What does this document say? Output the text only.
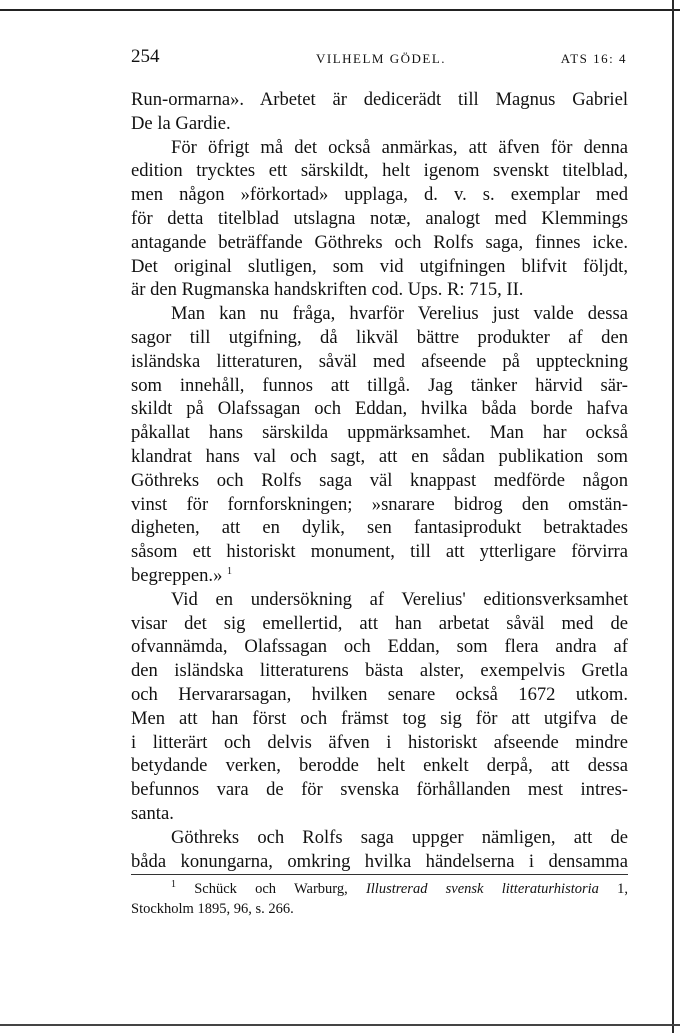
254	VILHELM GÖDEL.	ATS 16: 4
Run-ormarna». Arbetet är dedicerädt till Magnus Gabriel
De la Gardie.
För öfrigt må det också anmärkas, att äfven för denna
edition trycktes ett särskildt, helt igenom svenskt titelblad,
men någon »förkortad» upplaga, d. v. s. exemplar med
för detta titelblad utslagna notæ, analogt med Klemmings
antagande beträffande Göthreks och Rolfs saga, finnes icke.
Det original slutligen, som vid utgifningen blifvit följdt,
är den Rugmanska handskriften cod. Ups. R: 715, II.
Man kan nu fråga, hvarför Verelius just valde dessa
sagor till utgifning, då likväl bättre produkter af den
isländska litteraturen, såväl med afseende på uppteckning
som innehåll, funnos att tillgå. Jag tänker härvid sär-
skildt på Olafssagan och Eddan, hvilka båda borde hafva
påkallat hans särskilda uppmärksamhet. Man har också
klandrat hans val och sagt, att en sådan publikation som
Göthreks och Rolfs saga väl knappast medförde någon
vinst för fornforskningen; »snarare bidrog den omstän-
digheten, att en dylik, sen fantasiprodukt betraktades
såsom ett historiskt monument, till att ytterligare förvirra
begreppen.» $^1$
Vid en undersökning af Verelius' editionsverksamhet
visar det sig emellertid, att han arbetat såväl med de
ofvannämda, Olafssagan och Eddan, som flera andra af
den isländska litteraturens bästa alster, exempelvis Gretla
och Hervararsagan, hvilken senare också 1672 utkom.
Men att han först och främst tog sig för att utgifva de
i litterärt och delvis äfven i historiskt afseende mindre
betydande verken, berodde helt enkelt derpå, att dessa
befunnos vara de för svenska förhållanden mest intres-
santa.
Göthreks och Rolfs saga uppger nämligen, att de
båda konungarna, omkring hvilka händelserna i densamma
$^1$ Schück och Warburg, Illustrerad svensk litteraturhistoria 1,
Stockholm 1895, 96, s. 266.
